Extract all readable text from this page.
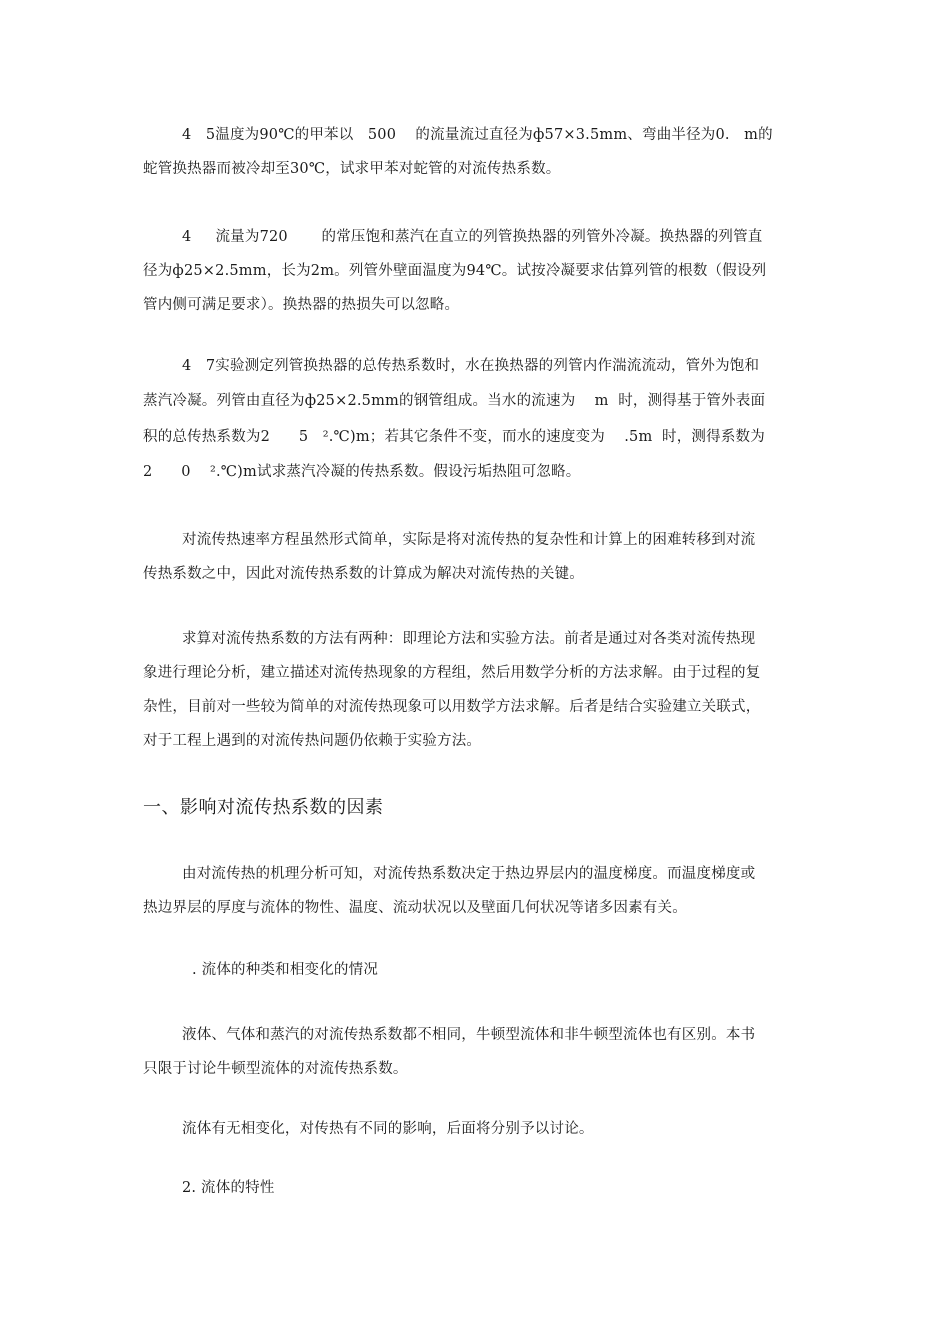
4   5温度为90℃的甲苯以   500    的流量流过直径为ф57×3.5mm、弯曲半径为0.   m的
蛇管换热器而被冷却至30℃，试求甲苯对蛇管的对流传热系数。
4     流量为720       的常压饱和蒸汽在直立的列管换热器的列管外冷凝。换热器的列管直
径为ф25×2.5mm，长为2m。列管外壁面温度为94℃。试按冷凝要求估算列管的根数（假设列
管内侧可满足要求）。换热器的热损失可以忽略。
4   7实验测定列管换热器的总传热系数时，水在换热器的列管内作湍流流动，管外为饱和
蒸汽冷凝。列管由直径为ф25×2.5mm的钢管组成。当水的流速为    m  时，测得基于管外表面
积的总传热系数为2      5   ².℃)m；若其它条件不变，而水的速度变为    .5m  时，测得系数为
2      0    ².℃)m试求蒸汽冷凝的传热系数。假设污垢热阻可忽略。
对流传热速率方程虽然形式简单，实际是将对流传热的复杂性和计算上的困难转移到对流
传热系数之中，因此对流传热系数的计算成为解决对流传热的关键。
求算对流传热系数的方法有两种：即理论方法和实验方法。前者是通过对各类对流传热现
象进行理论分析，建立描述对流传热现象的方程组，然后用数学分析的方法求解。由于过程的复
杂性，目前对一些较为简单的对流传热现象可以用数学方法求解。后者是结合实验建立关联式，
对于工程上遇到的对流传热问题仍依赖于实验方法。
一、影响对流传热系数的因素
由对流传热的机理分析可知，对流传热系数决定于热边界层内的温度梯度。而温度梯度或
热边界层的厚度与流体的物性、温度、流动状况以及壁面几何状况等诸多因素有关。
. 流体的种类和相变化的情况
液体、气体和蒸汽的对流传热系数都不相同，牛顿型流体和非牛顿型流体也有区别。本书
只限于讨论牛顿型流体的对流传热系数。
流体有无相变化，对传热有不同的影响，后面将分别予以讨论。
2. 流体的特性
